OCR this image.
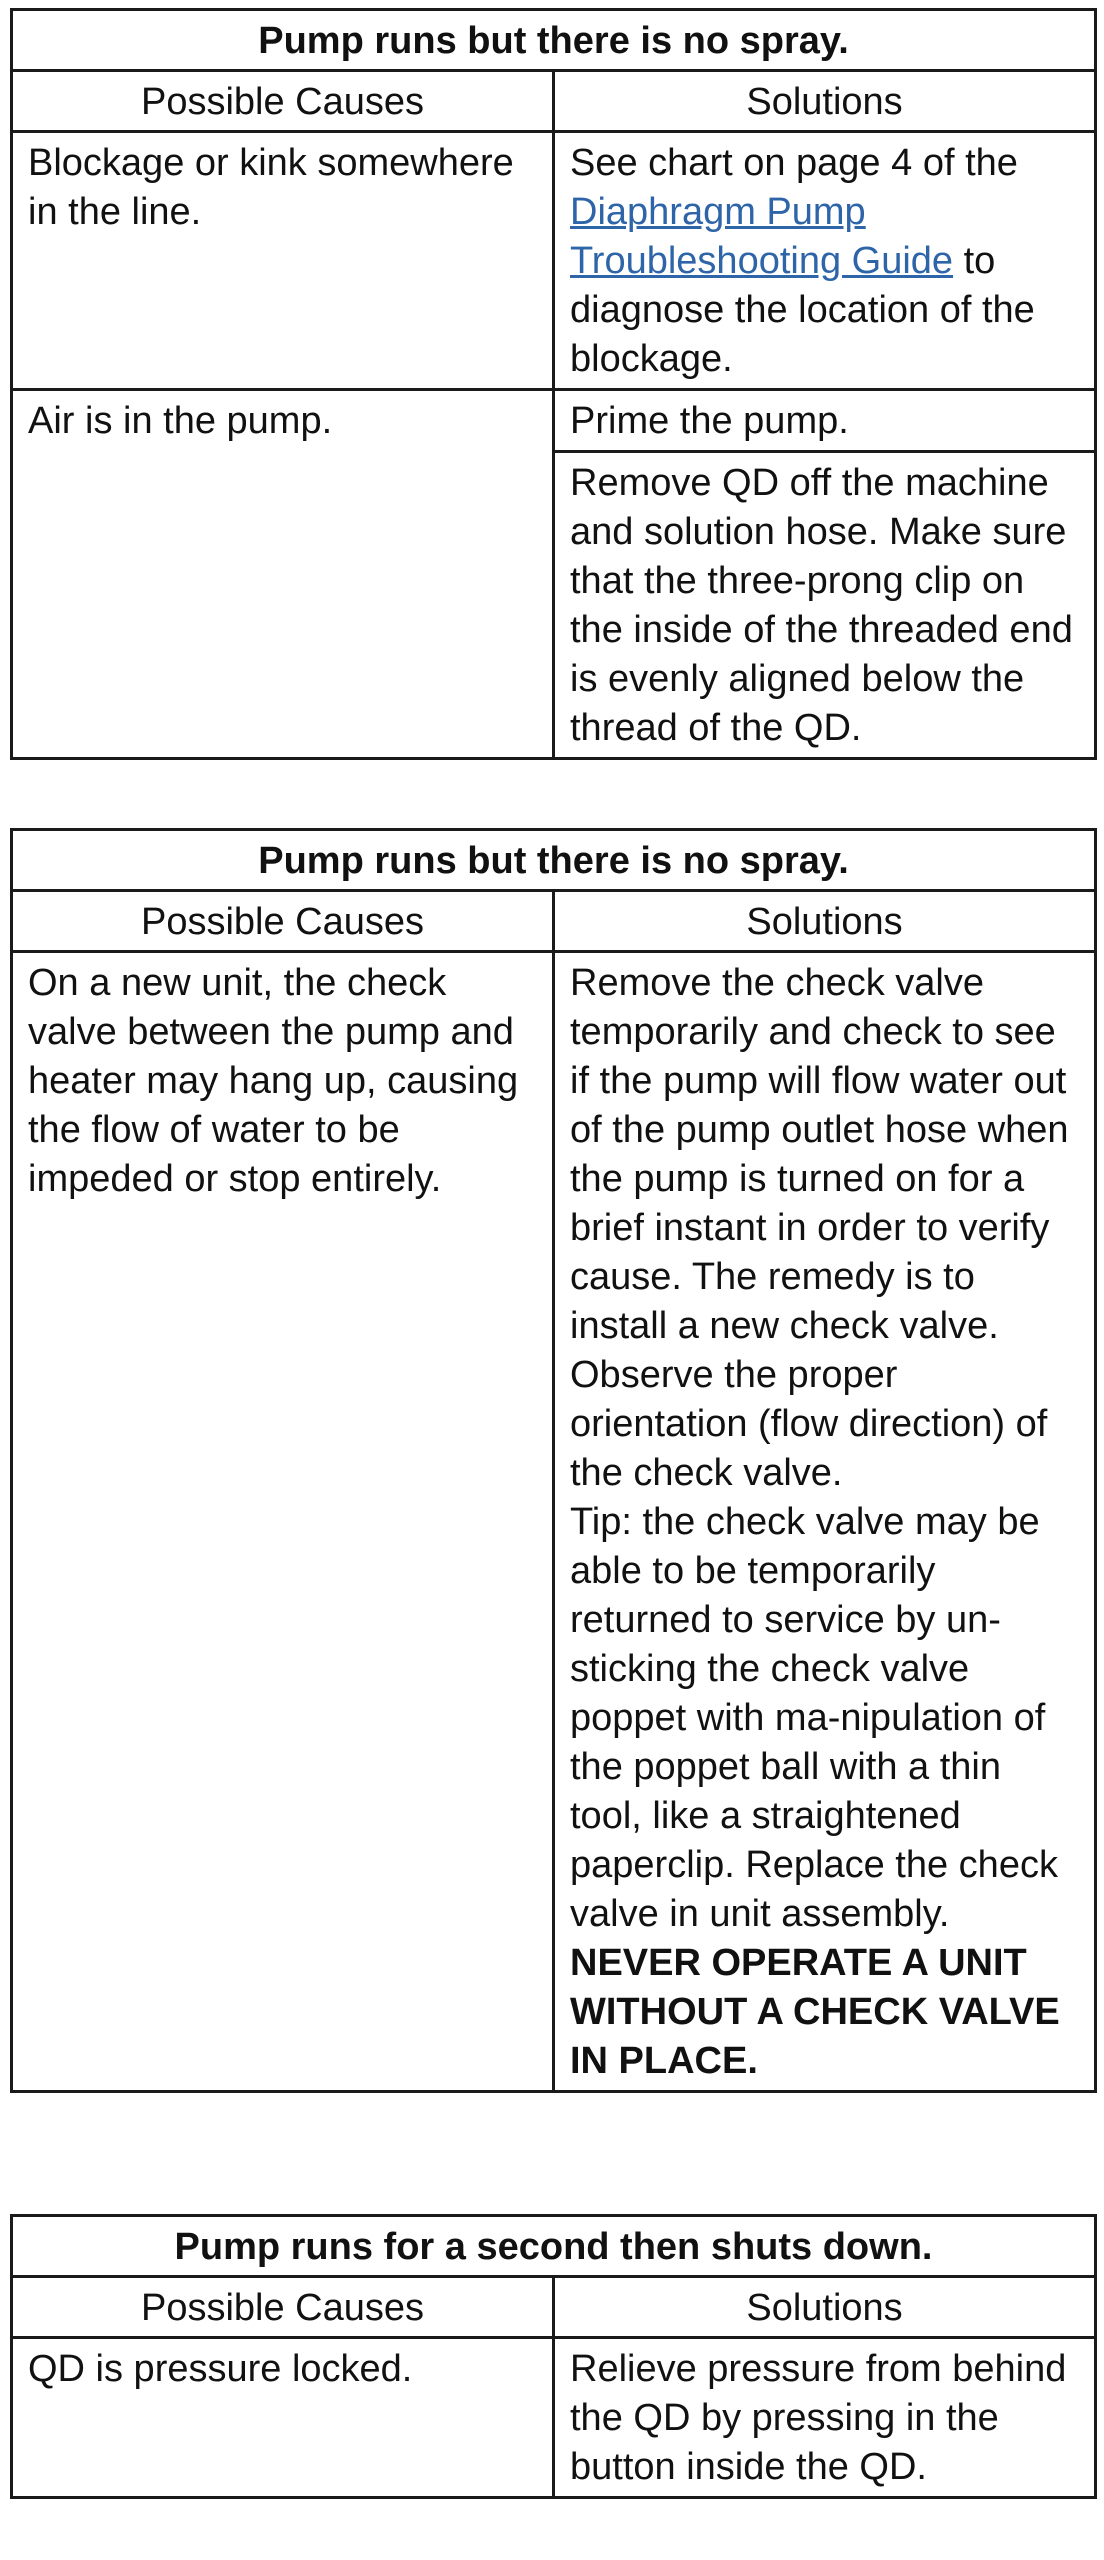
Pump runs but there is no spray.	
Possible Causes	Solutions
Blockage or kink somewhere in the line.	See chart on page 4 of the Diaphragm Pump Troubleshooting Guide to diagnose the location of the blockage.
Air is in the pump.	Prime the pump.
	Remove QD off the machine and solution hose. Make sure that the three-prong clip on the inside of the threaded end is evenly aligned below the thread of the QD.
Pump runs but there is no spray.	
Possible Causes	Solutions
On a new unit, the check valve between the pump and heater may hang up, causing the flow of water to be impeded or stop entirely.	Remove the check valve temporarily and check to see if the pump will flow water out of the pump outlet hose when the pump is turned on for a brief instant in order to verify cause. The remedy is to install a new check valve. Observe the proper orientation (flow direction) of the check valve.
Tip: the check valve may be able to be temporarily returned to service by un-sticking the check valve poppet with ma-nipulation of the poppet ball with a thin tool, like a straightened paperclip. Replace the check valve in unit assembly.
NEVER OPERATE A UNIT WITHOUT A CHECK VALVE IN PLACE.
Pump runs for a second then shuts down.	
Possible Causes	Solutions
QD is pressure locked.	Relieve pressure from behind the QD by pressing in the button inside the QD.
